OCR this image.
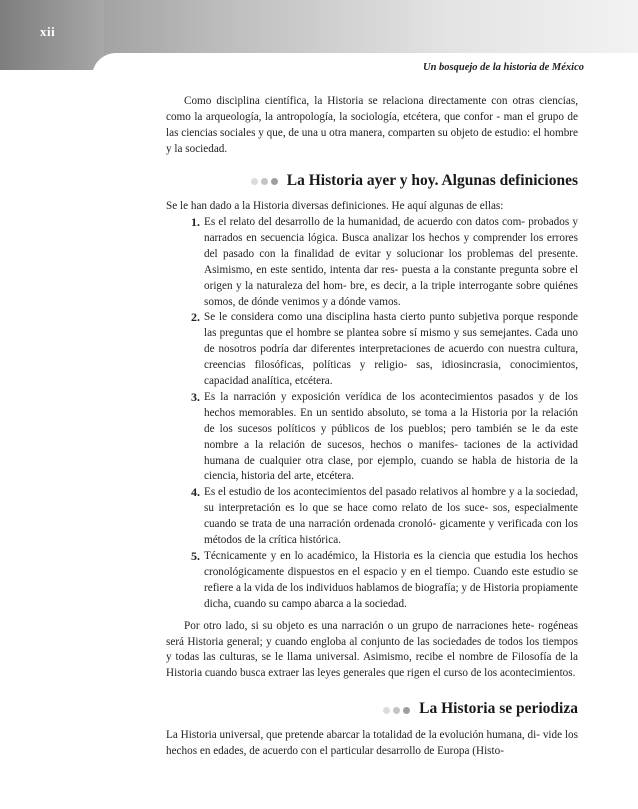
xii
Un bosquejo de la historia de México

Como disciplina científica, la Historia se relaciona directamente con otras ciencias, como la arqueología, la antropología, la sociología, etcétera, que confor - man el grupo de las ciencias sociales y que, de una u otra manera, comparten su objeto de estudio: el hombre y la sociedad.

La Historia ayer y hoy. Algunas definiciones

Se le han dado a la Historia diversas definiciones. He aquí algunas de ellas:

1. Es el relato del desarrollo de la humanidad, de acuerdo con datos com- probados y narrados en secuencia lógica. Busca analizar los hechos y comprender los errores del pasado con la finalidad de evitar y solucionar los problemas del presente. Asimismo, en este sentido, intenta dar res- puesta a la constante pregunta sobre el origen y la naturaleza del hom- bre, es decir, a la triple interrogante sobre quiénes somos, de dónde venimos y a dónde vamos.
2. Se le considera como una disciplina hasta cierto punto subjetiva porque responde las preguntas que el hombre se plantea sobre sí mismo y sus semejantes. Cada uno de nosotros podría dar diferentes interpretaciones de acuerdo con nuestra cultura, creencias filosóficas, políticas y religio- sas, idiosincrasia, conocimientos, capacidad analítica, etcétera.
3. Es la narración y exposición verídica de los acontecimientos pasados y de los hechos memorables. En un sentido absoluto, se toma a la Historia por la relación de los sucesos políticos y públicos de los pueblos; pero también se le da este nombre a la relación de sucesos, hechos o manifes- taciones de la actividad humana de cualquier otra clase, por ejemplo, cuando se habla de historia de la ciencia, historia del arte, etcétera.
4. Es el estudio de los acontecimientos del pasado relativos al hombre y a la sociedad, su interpretación es lo que se hace como relato de los suce- sos, especialmente cuando se trata de una narración ordenada cronoló- gicamente y verificada con los métodos de la crítica histórica.
5. Técnicamente y en lo académico, la Historia es la ciencia que estudia los hechos cronológicamente dispuestos en el espacio y en el tiempo. Cuando este estudio se refiere a la vida de los individuos hablamos de biografía; y de Historia propiamente dicha, cuando su campo abarca a la sociedad.

Por otro lado, si su objeto es una narración o un grupo de narraciones hete- rogéneas será Historia general; y cuando engloba al conjunto de las sociedades de todos los tiempos y todas las culturas, se le llama universal. Asimismo, recibe el nombre de Filosofía de la Historia cuando busca extraer las leyes generales que rigen el curso de los acontecimientos.

La Historia se periodiza

La Historia universal, que pretende abarcar la totalidad de la evolución humana, di- vide los hechos en edades, de acuerdo con el particular desarrollo de Europa (Histo-
